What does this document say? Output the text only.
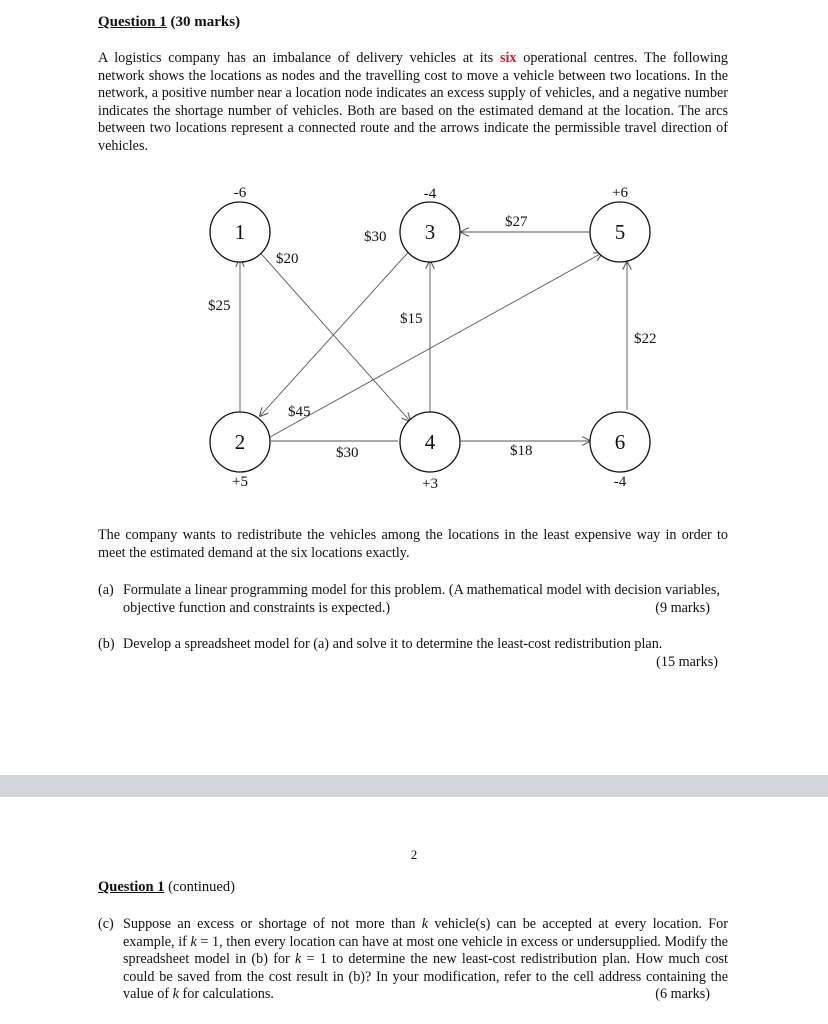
Question 1 (30 marks)
A logistics company has an imbalance of delivery vehicles at its six operational centres. The following network shows the locations as nodes and the travelling cost to move a vehicle between two locations. In the network, a positive number near a location node indicates an excess supply of vehicles, and a negative number indicates the shortage number of vehicles. Both are based on the estimated demand at the location. The arcs between two locations represent a connected route and the arrows indicate the permissible travel direction of vehicles.
$25
$20
$30
$45
$30
$15
$27
$18
$22
1
2
3
4
5
6
-6
+5
-4
+3
+6
-4
The company wants to redistribute the vehicles among the locations in the least expensive way in order to meet the estimated demand at the six locations exactly.
(a) Formulate a linear programming model for this problem. (A mathematical model with decision variables, objective function and constraints is expected.)	(9 marks)
(b) Develop a spreadsheet model for (a) and solve it to determine the least-cost redistribution plan.

(15 marks)
2
Question 1 (continued)
(c) Suppose an excess or shortage of not more than k vehicle(s) can be accepted at every location. For example, if k = 1, then every location can have at most one vehicle in excess or undersupplied. Modify the spreadsheet model in (b) for k = 1 to determine the new least-cost redistribution plan. How much cost could be saved from the cost result in (b)? In your modification, refer to the cell address containing the value of k for calculations.	(6 marks)
